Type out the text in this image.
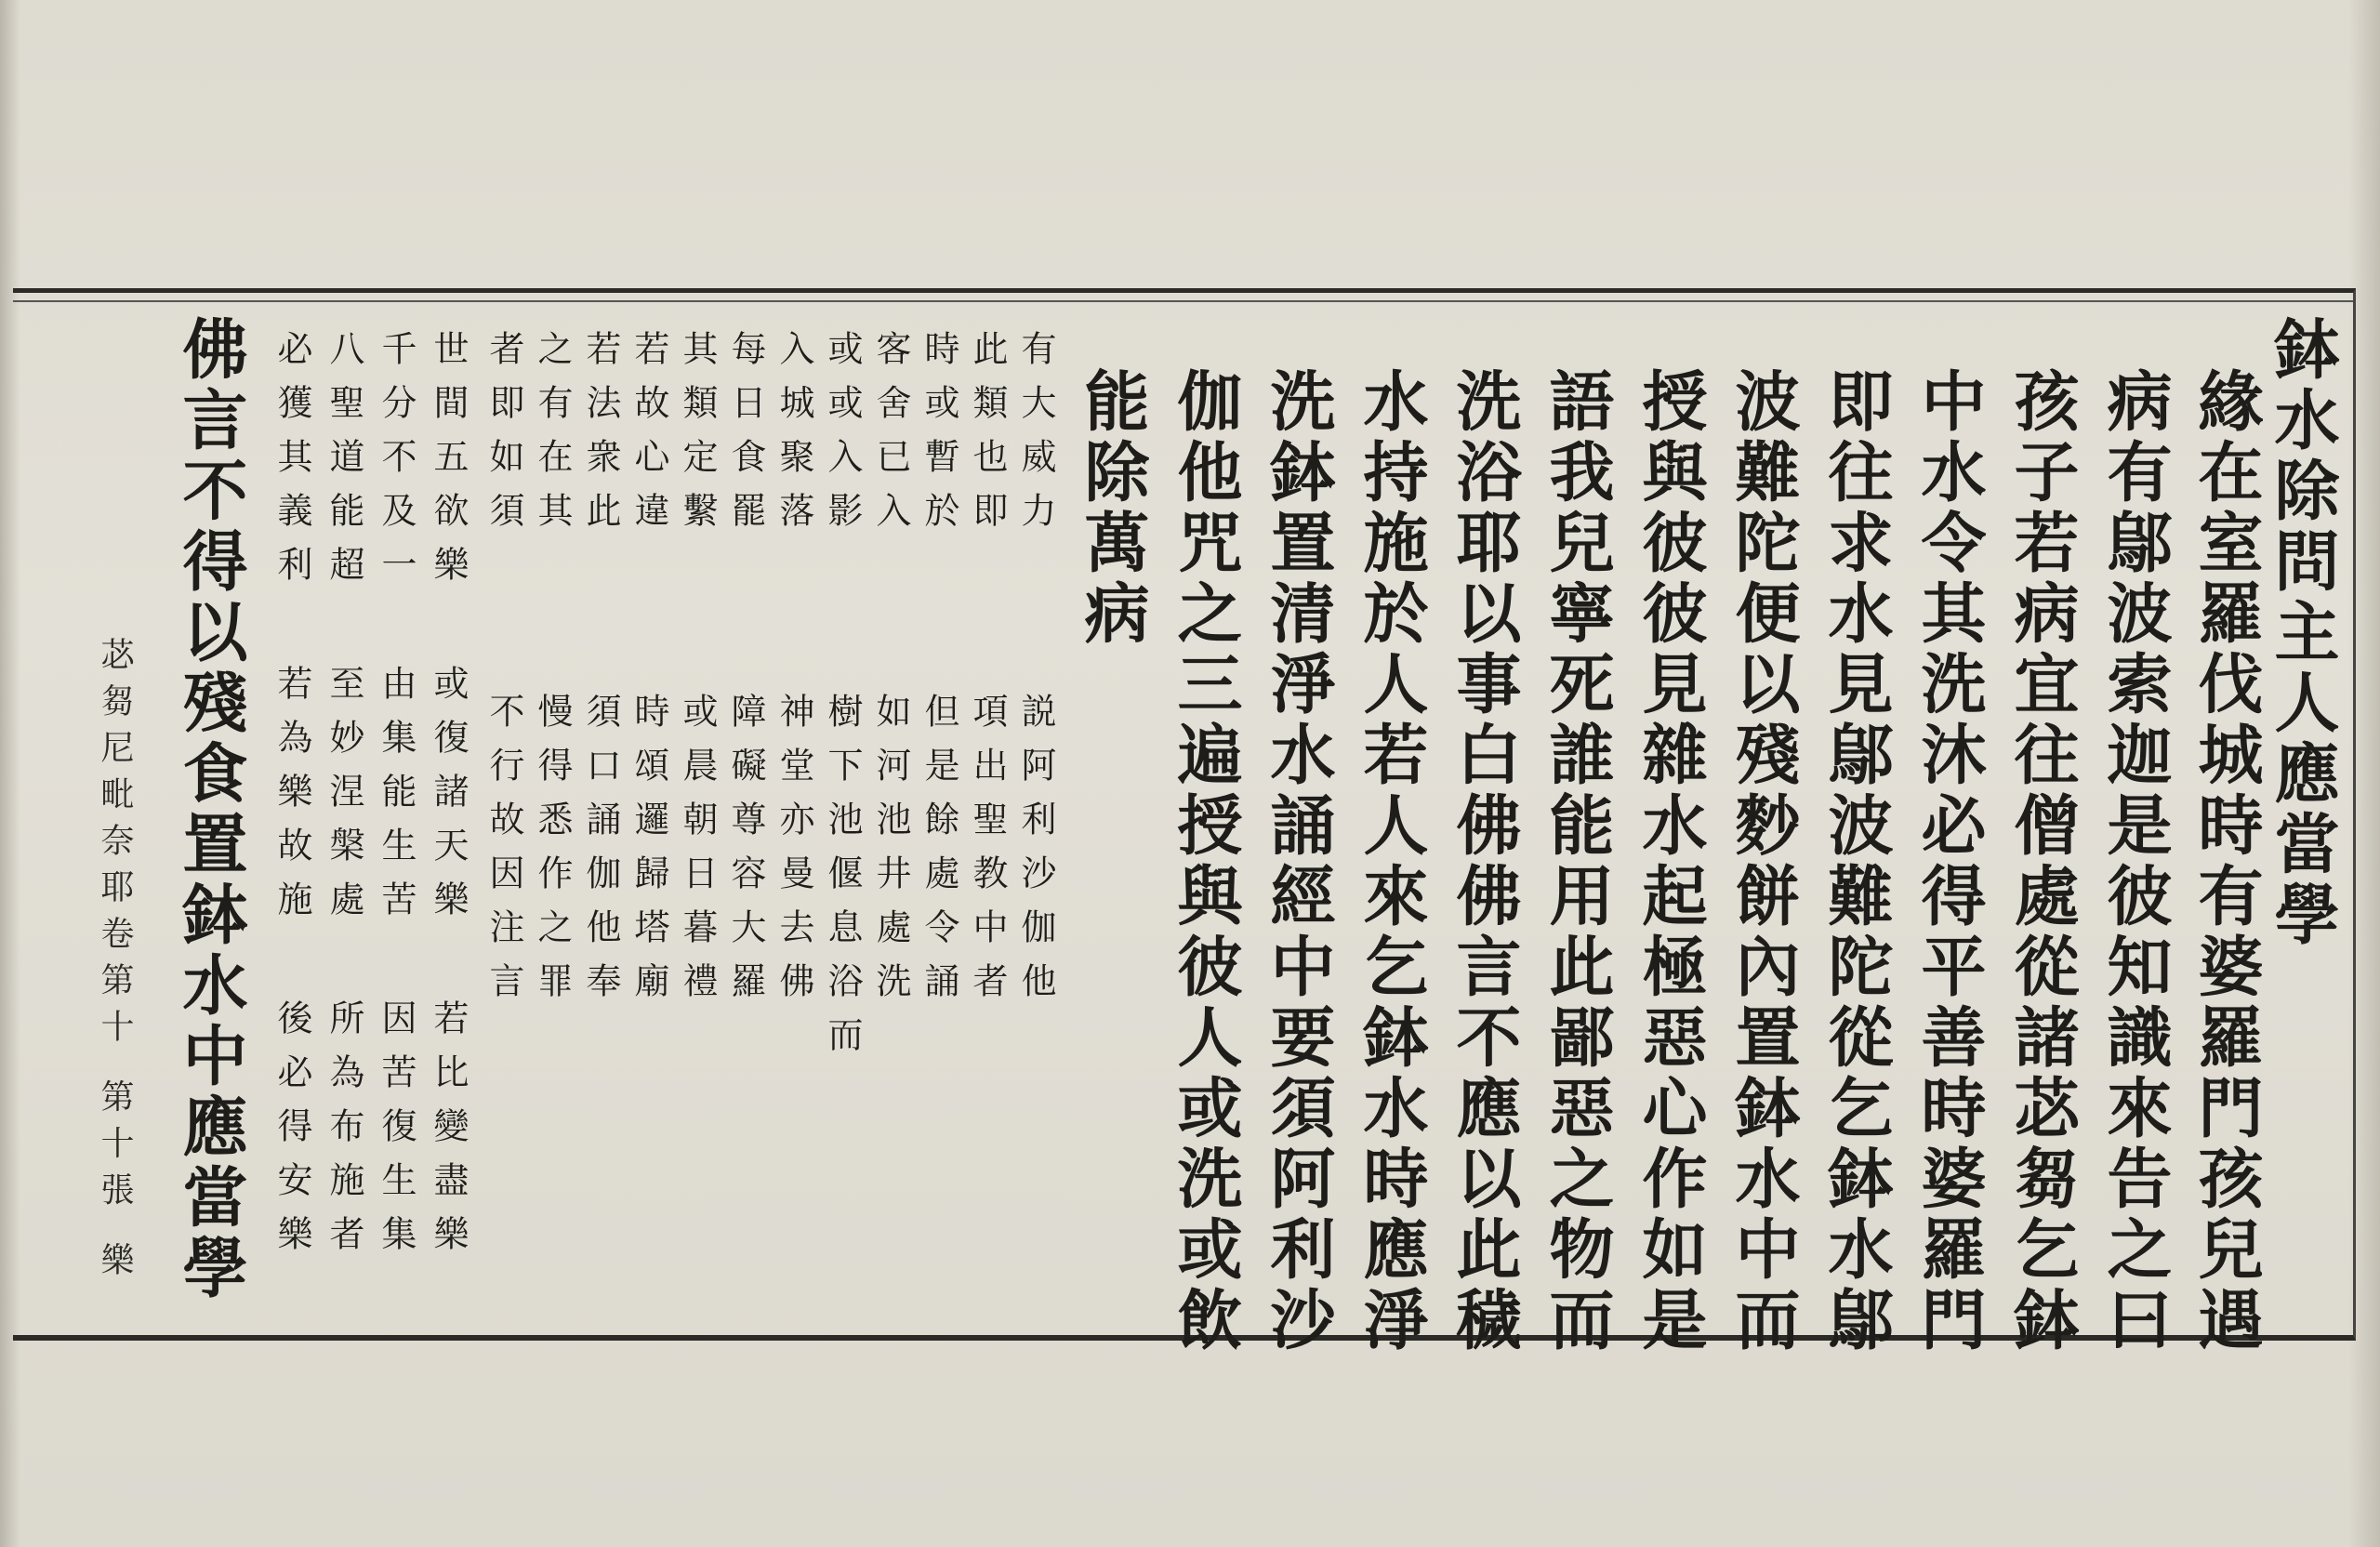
鉢水除問主人應當學
緣在室羅伐城時有婆羅門孩兒遇
病有鄔波索迦是彼知識來告之曰
孩子若病宜往僧處從諸苾芻乞鉢
中水令其洗沐必得平善時婆羅門
即往求水見鄔波難陀從乞鉢水鄔
波難陀便以殘麨餅內置鉢水中而
授與彼彼見雜水起極惡心作如是
語我兒寧死誰能用此鄙惡之物而
洗浴耶以事白佛佛言不應以此穢
水持施於人若人來乞鉢水時應淨
洗鉢置清淨水誦經中要須阿利沙
伽他咒之三遍授與彼人或洗或飲
能除萬病
有大威力
此類也即
時或暫於
客舍已入
或或入影
入城聚落
每日食罷
其類定繫
若故心違
若法衆此
之有在其
者即如須
説阿利沙伽他
項出聖教中者
但是餘處令誦
如河池井處洗
樹下池偃息浴而
神堂亦曼去佛
障礙尊容大羅
或晨朝日暮禮
時頌邏歸塔廟
須口誦伽他奉
慢得悉作之罪
不行故因注言
世間五欲樂
千分不及一
八聖道能超
必獲其義利
或復諸天樂
由集能生苦
至妙涅槃處
若為樂故施
若比變盡樂
因苦復生集
所為布施者
後必得安樂
佛言不得以殘食置鉢水中應當學
苾芻尼毗奈耶卷第十 第十張 樂
